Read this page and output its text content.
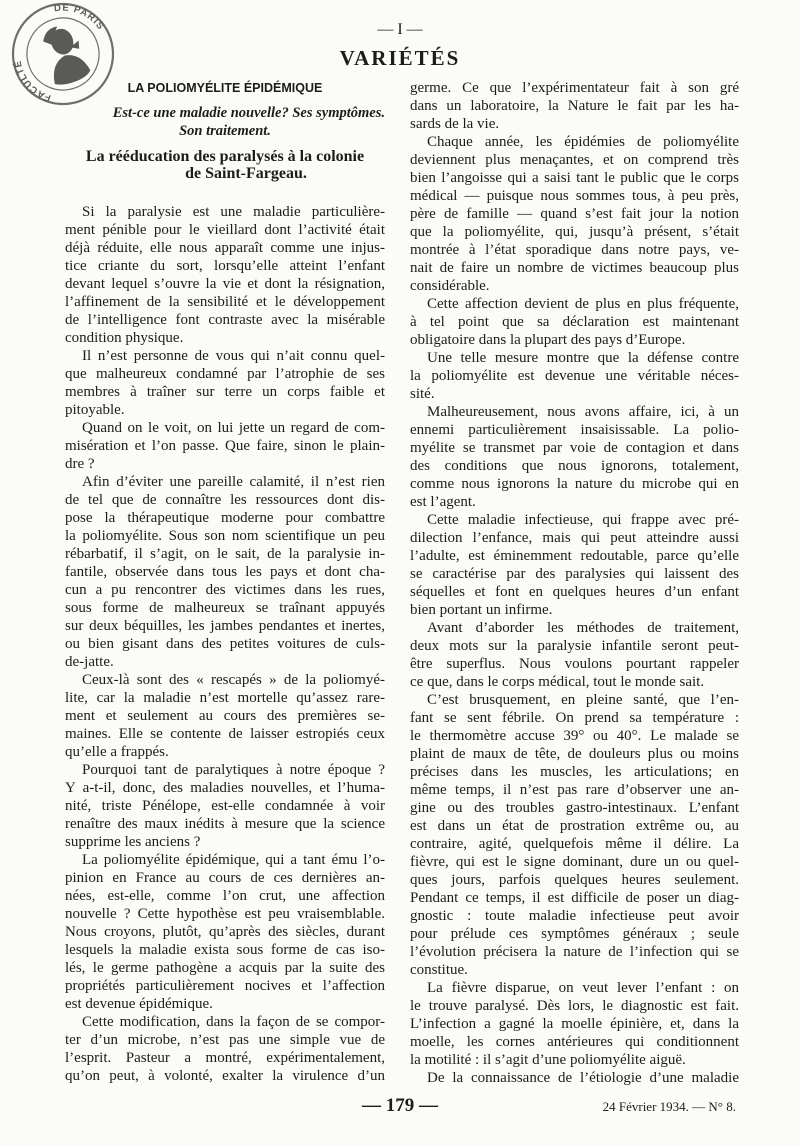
FACULTÉ
DE PARIS	— I —
VARIÉTÉS
LA POLIOMYÉLITE ÉPIDÉMIQUE
Est-ce une maladie nouvelle? Ses symptômes.
Son traitement.
La rééducation des paralysés à la colonie
de Saint-Fargeau.
Si la paralysie est une maladie particulière-
ment pénible pour le vieillard dont l’activité était
déjà réduite, elle nous apparaît comme une injus-
tice criante du sort, lorsqu’elle atteint l’enfant
devant lequel s’ouvre la vie et dont la résignation,
l’affinement de la sensibilité et le développement
de l’intelligence font contraste avec la misérable
condition physique.
Il n’est personne de vous qui n’ait connu quel-
que malheureux condamné par l’atrophie de ses
membres à traîner sur terre un corps faible et
pitoyable.
Quand on le voit, on lui jette un regard de com-
misération et l’on passe. Que faire, sinon le plain-
dre ?
Afin d’éviter une pareille calamité, il n’est rien
de tel que de connaître les ressources dont dis-
pose la thérapeutique moderne pour combattre
la poliomyélite. Sous son nom scientifique un peu
rébarbatif, il s’agit, on le sait, de la paralysie in-
fantile, observée dans tous les pays et dont cha-
cun a pu rencontrer des victimes dans les rues,
sous forme de malheureux se traînant appuyés
sur deux béquilles, les jambes pendantes et inertes,
ou bien gisant dans des petites voitures de culs-
de-jatte.
Ceux-là sont des « rescapés » de la poliomyé-
lite, car la maladie n’est mortelle qu’assez rare-
ment et seulement au cours des premières se-
maines. Elle se contente de laisser estropiés ceux
qu’elle a frappés.
Pourquoi tant de paralytiques à notre époque ?
Y a-t-il, donc, des maladies nouvelles, et l’huma-
nité, triste Pénélope, est-elle condamnée à voir
renaître des maux inédits à mesure que la science
supprime les anciens ?
La poliomyélite épidémique, qui a tant ému l’o-
pinion en France au cours de ces dernières an-
nées, est-elle, comme l’on crut, une affection
nouvelle ? Cette hypothèse est peu vraisemblable.
Nous croyons, plutôt, qu’après des siècles, durant
lesquels la maladie exista sous forme de cas iso-
lés, le germe pathogène a acquis par la suite des
propriétés particulièrement nocives et l’affection
est devenue épidémique.
Cette modification, dans la façon de se compor-
ter d’un microbe, n’est pas une simple vue de
l’esprit. Pasteur a montré, expérimentalement,
qu’on peut, à volonté, exalter la virulence d’un
germe. Ce que l’expérimentateur fait à son gré
dans un laboratoire, la Nature le fait par les ha-
sards de la vie.
Chaque année, les épidémies de poliomyélite
deviennent plus menaçantes, et on comprend très
bien l’angoisse qui a saisi tant le public que le corps
médical — puisque nous sommes tous, à peu près,
père de famille — quand s’est fait jour la notion
que la poliomyélite, qui, jusqu’à présent, s’était
montrée à l’état sporadique dans notre pays, ve-
nait de faire un nombre de victimes beaucoup plus
considérable.
Cette affection devient de plus en plus fréquente,
à tel point que sa déclaration est maintenant
obligatoire dans la plupart des pays d’Europe.
Une telle mesure montre que la défense contre
la poliomyélite est devenue une véritable néces-
sité.
Malheureusement, nous avons affaire, ici, à un
ennemi particulièrement insaisissable. La polio-
myélite se transmet par voie de contagion et dans
des conditions que nous ignorons, totalement,
comme nous ignorons la nature du microbe qui en
est l’agent.
Cette maladie infectieuse, qui frappe avec pré-
dilection l’enfance, mais qui peut atteindre aussi
l’adulte, est éminemment redoutable, parce qu’elle
se caractérise par des paralysies qui laissent des
séquelles et font en quelques heures d’un enfant
bien portant un infirme.
Avant d’aborder les méthodes de traitement,
deux mots sur la paralysie infantile seront peut-
être superflus. Nous voulons pourtant rappeler
ce que, dans le corps médical, tout le monde sait.
C’est brusquement, en pleine santé, que l’en-
fant se sent fébrile. On prend sa température :
le thermomètre accuse 39° ou 40°. Le malade se
plaint de maux de tête, de douleurs plus ou moins
précises dans les muscles, les articulations; en
même temps, il n’est pas rare d’observer une an-
gine ou des troubles gastro-intestinaux. L’enfant
est dans un état de prostration extrême ou, au
contraire, agité, quelquefois même il délire. La
fièvre, qui est le signe dominant, dure un ou quel-
ques jours, parfois quelques heures seulement.
Pendant ce temps, il est difficile de poser un diag-
gnostic : toute maladie infectieuse peut avoir
pour prélude ces symptômes généraux ; seule
l’évolution précisera la nature de l’infection qui se
constitue.
La fièvre disparue, on veut lever l’enfant : on
le trouve paralysé. Dès lors, le diagnostic est fait.
L’infection a gagné la moelle épinière, et, dans la
moelle, les cornes antérieures qui conditionnent
la motilité : il s’agit d’une poliomyélite aiguë.
De la connaissance de l’étiologie d’une maladie
— 179 —	24 Février 1934. — N° 8.
